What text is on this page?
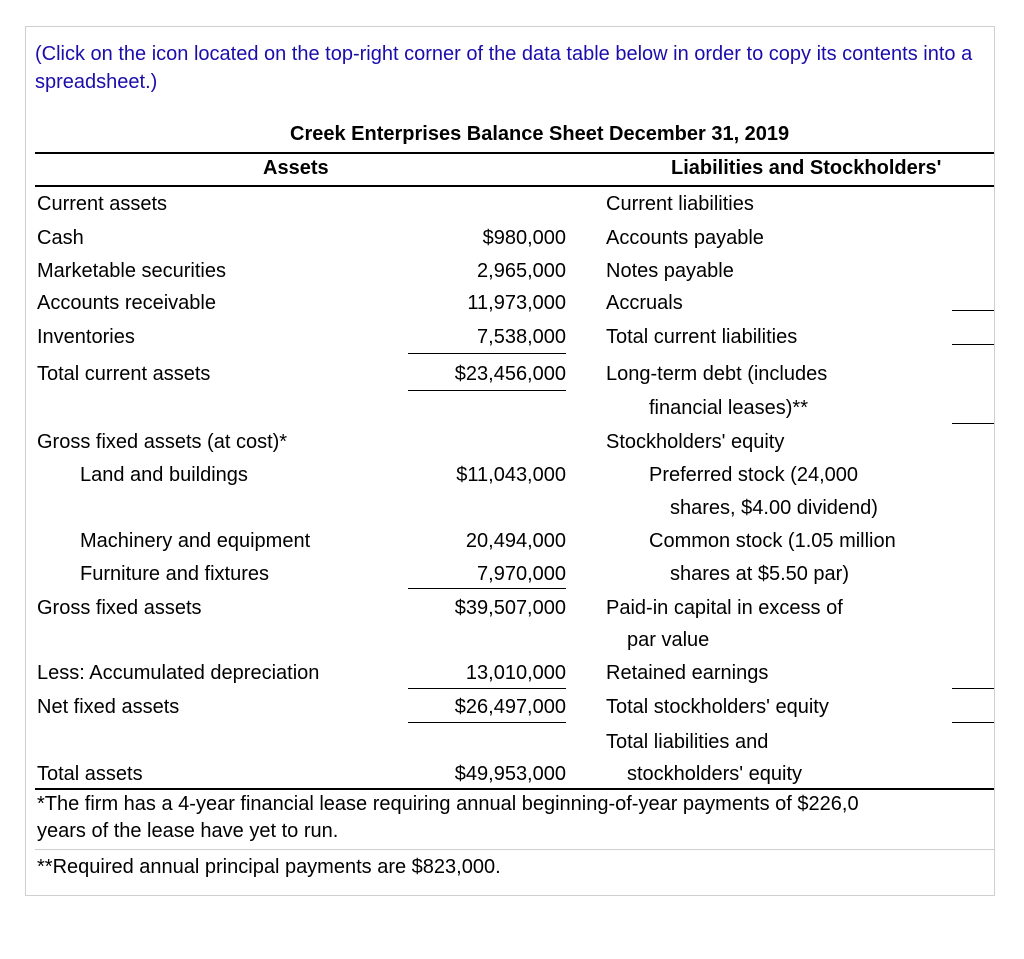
(Click on the icon located on the top-right corner of the data table below in order to copy its contents into a spreadsheet.)
Creek Enterprises Balance Sheet December 31, 2019
Assets	Liabilities and Stockholders'
Current assets
Cash
Marketable securities
Accounts receivable
Inventories
Total current assets
Gross fixed assets (at cost)*
Land and buildings
Machinery and equipment
Furniture and fixtures
Gross fixed assets
Less: Accumulated depreciation
Net fixed assets
Total assets
$980,000
2,965,000
11,973,000
7,538,000
$23,456,000
$11,043,000
20,494,000
7,970,000
$39,507,000
13,010,000
$26,497,000
$49,953,000
Current liabilities
Accounts payable
Notes payable
Accruals
Total current liabilities
Long-term debt (includes
financial leases)**
Stockholders' equity
Preferred stock (24,000
shares, $4.00 dividend)
Common stock (1.05 million
shares at $5.50 par)
Paid-in capital in excess of
par value
Retained earnings
Total stockholders' equity
Total liabilities and
stockholders' equity
*The firm has a 4-year financial lease requiring annual beginning-of-year payments of $226,0
years of the lease have yet to run.
**Required annual principal payments are $823,000.
